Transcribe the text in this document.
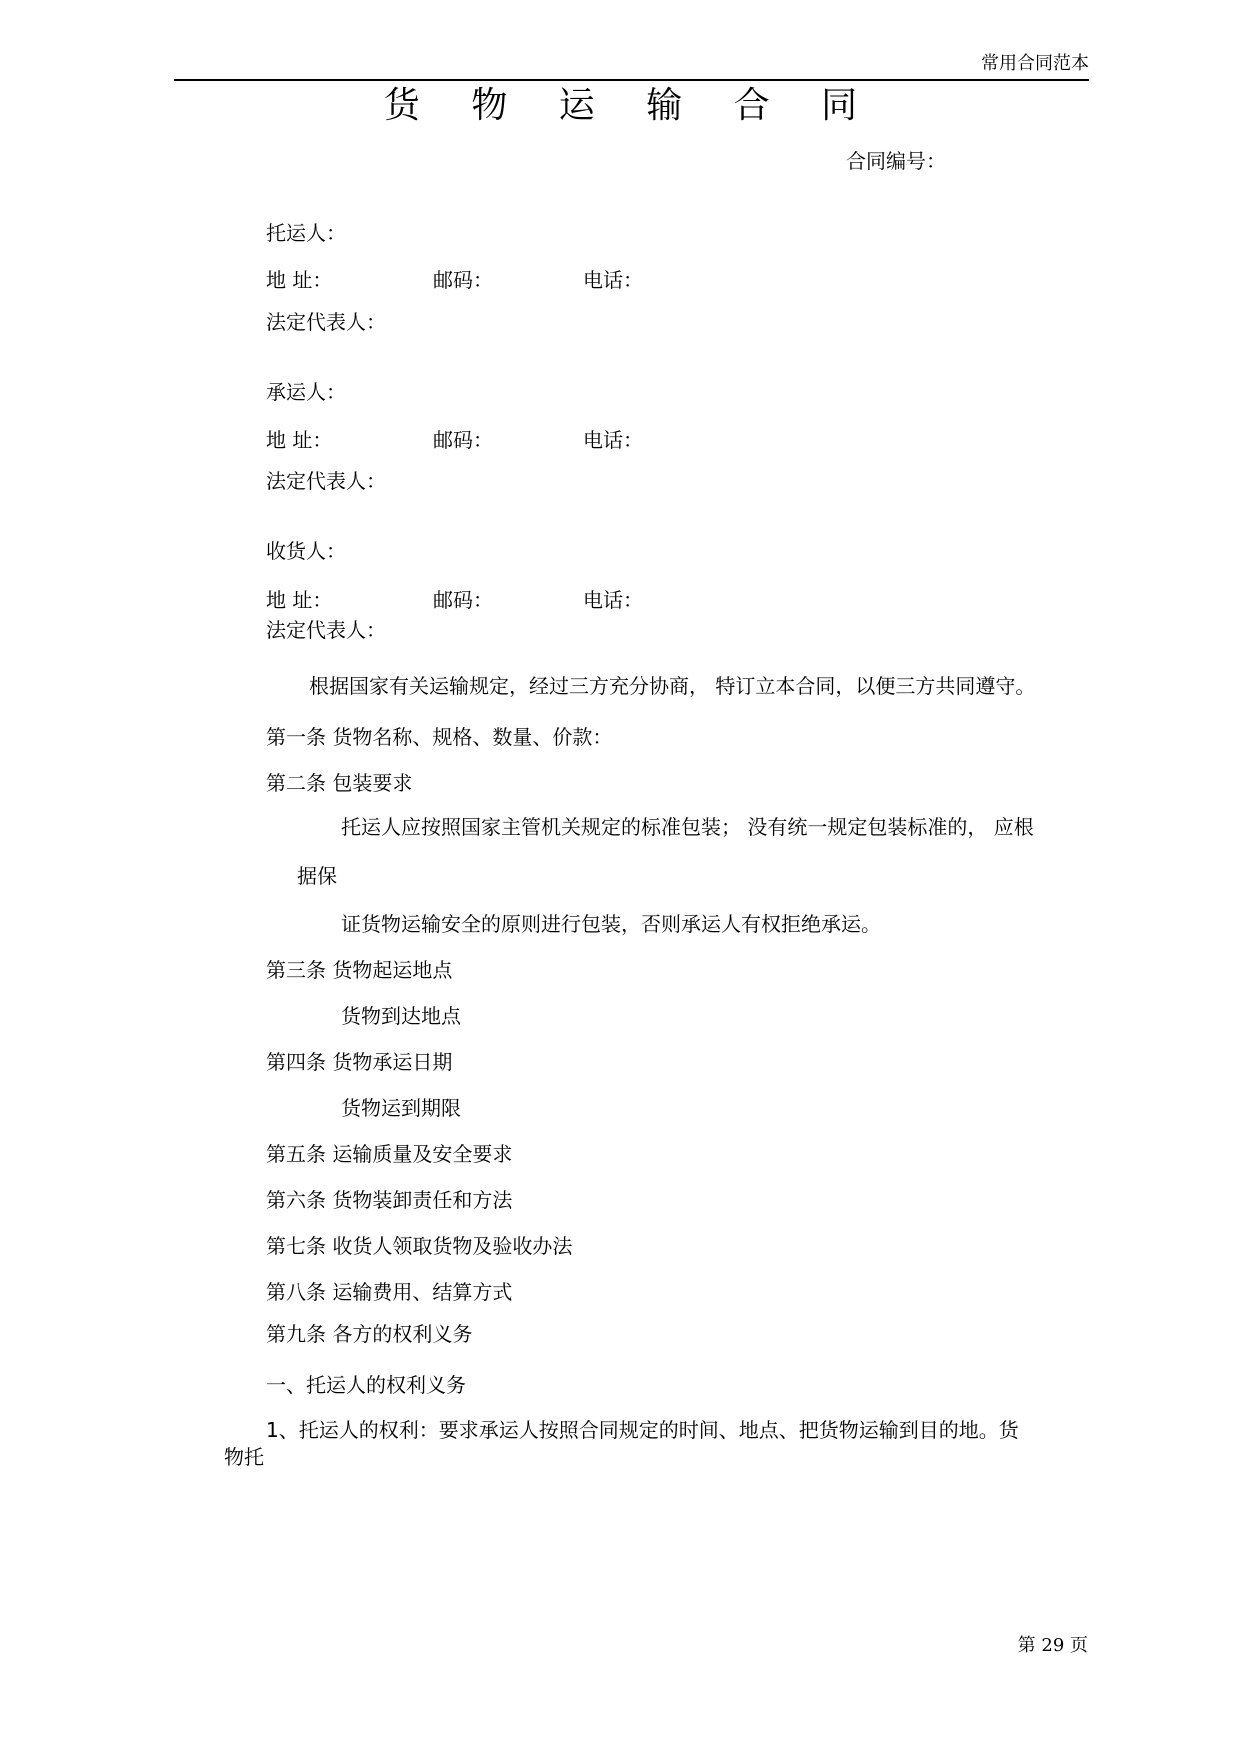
常用合同范本
货 物 运 输 合 同
合同编号：
托运人：
地 址：	邮码：	电话：
法定代表人：
承运人：
地 址：	邮码：	电话：
法定代表人：
收货人：
地 址：	邮码：	电话：
法定代表人：
根据国家有关运输规定，经过三方充分协商， 特订立本合同，以便三方共同遵守。
第一条 货物名称、规格、数量、价款：
第二条 包装要求
托运人应按照国家主管机关规定的标准包装； 没有统一规定包装标准的， 应根
据保
证货物运输安全的原则进行包装，否则承运人有权拒绝承运。
第三条 货物起运地点
货物到达地点
第四条 货物承运日期
货物运到期限
第五条 运输质量及安全要求
第六条 货物装卸责任和方法
第七条 收货人领取货物及验收办法
第八条 运输费用、结算方式
第九条 各方的权利义务
一、托运人的权利义务
1、托运人的权利：要求承运人按照合同规定的时间、地点、把货物运输到目的地。货
物托
第 29 页
